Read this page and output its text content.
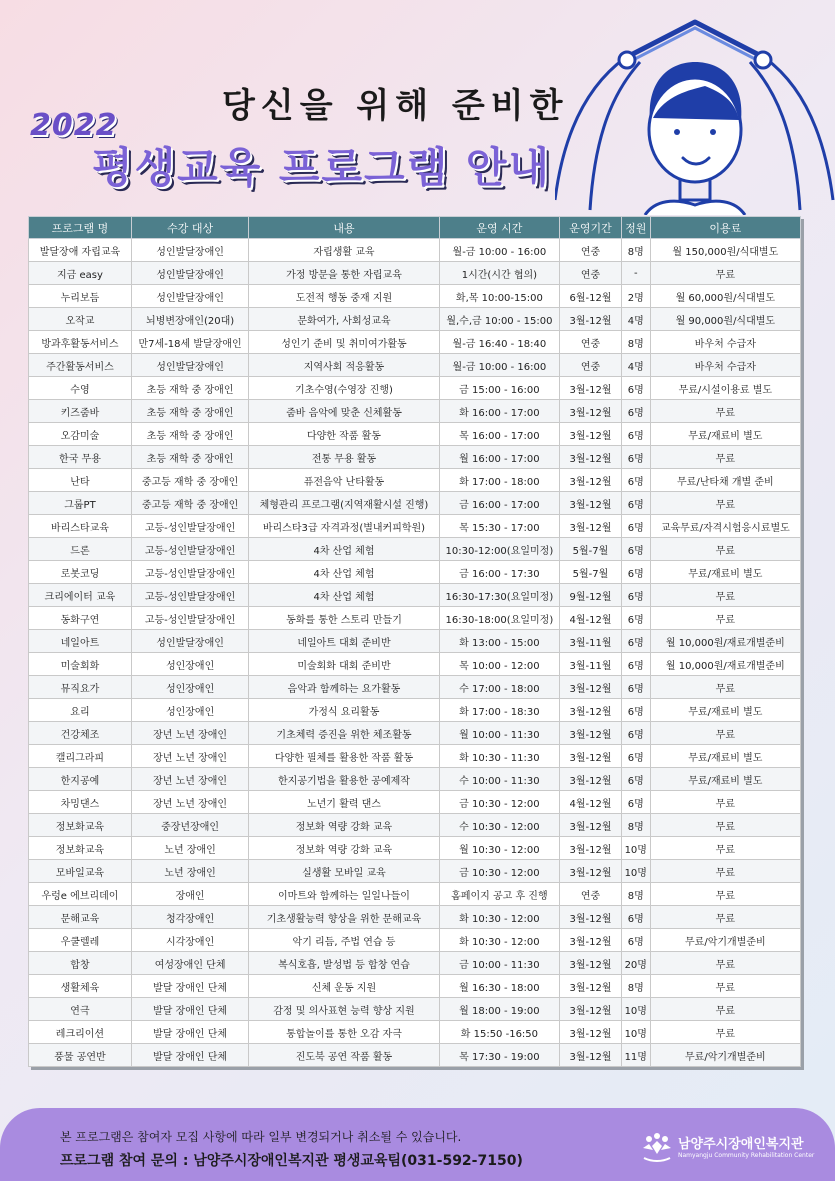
당신을 위해 준비한
2022
평생교육 프로그램 안내
프로그램 명	수강 대상	내용	운영 시간	운영기간	정원	이용료
발달장애 자립교육	성인발달장애인	자립생활 교육	월-금 10:00 - 16:00	연중	8명	월 150,000원/식대별도
지금 easy	성인발달장애인	가정 방문을 통한 자립교육	1시간(시간 협의)	연중	-	무료
누리보듬	성인발달장애인	도전적 행동 중재 지원	화,목 10:00-15:00	6월-12월	2명	월 60,000원/식대별도
오작교	뇌병변장애인(20대)	문화여가, 사회성교육	월,수,금 10:00 - 15:00	3월-12월	4명	월 90,000원/식대별도
방과후활동서비스	만7세-18세 발달장애인	성인기 준비 및 취미여가활동	월-금 16:40 - 18:40	연중	8명	바우처 수급자
주간활동서비스	성인발달장애인	지역사회 적응활동	월-금 10:00 - 16:00	연중	4명	바우처 수급자
수영	초등 재학 중 장애인	기초수영(수영장 진행)	금 15:00 - 16:00	3월-12월	6명	무료/시설이용료 별도
키즈줌바	초등 재학 중 장애인	줌바 음악에 맞춘 신체활동	화 16:00 - 17:00	3월-12월	6명	무료
오감미술	초등 재학 중 장애인	다양한 작품 활동	목 16:00 - 17:00	3월-12월	6명	무료/재료비 별도
한국 무용	초등 재학 중 장애인	전통 무용 활동	월 16:00 - 17:00	3월-12월	6명	무료
난타	중고등 재학 중 장애인	퓨전음악 난타활동	화 17:00 - 18:00	3월-12월	6명	무료/난타채 개별 준비
그룹PT	중고등 재학 중 장애인	체형관리 프로그램(지역재활시설 진행)	금 16:00 - 17:00	3월-12월	6명	무료
바리스타교육	고등-성인발달장애인	바리스타3급 자격과정(별내커피학원)	목 15:30 - 17:00	3월-12월	6명	교육무료/자격시험응시료별도
드론	고등-성인발달장애인	4차 산업 체험	10:30-12:00(요일미정)	5월-7월	6명	무료
로봇코딩	고등-성인발달장애인	4차 산업 체험	금 16:00 - 17:30	5월-7월	6명	무료/재료비 별도
크리에이터 교육	고등-성인발달장애인	4차 산업 체험	16:30-17:30(요일미정)	9월-12월	6명	무료
동화구연	고등-성인발달장애인	동화를 통한 스토리 만들기	16:30-18:00(요일미정)	4월-12월	6명	무료
네일아트	성인발달장애인	네일아트 대회 준비반	화 13:00 - 15:00	3월-11월	6명	월 10,000원/재료개별준비
미술회화	성인장애인	미술회화 대회 준비반	목 10:00 - 12:00	3월-11월	6명	월 10,000원/재료개별준비
뮤직요가	성인장애인	음악과 함께하는 요가활동	수 17:00 - 18:00	3월-12월	6명	무료
요리	성인장애인	가정식 요리활동	화 17:00 - 18:30	3월-12월	6명	무료/재료비 별도
건강체조	장년 노년 장애인	기초체력 증진을 위한 체조활동	월 10:00 - 11:30	3월-12월	6명	무료
캘리그라피	장년 노년 장애인	다양한 필체를 활용한 작품 활동	화 10:30 - 11:30	3월-12월	6명	무료/재료비 별도
한지공예	장년 노년 장애인	한지공기법을 활용한 공예제작	수 10:00 - 11:30	3월-12월	6명	무료/재료비 별도
차밍댄스	장년 노년 장애인	노년기 활력 댄스	금 10:30 - 12:00	4월-12월	6명	무료
정보화교육	중장년장애인	정보화 역량 강화 교육	수 10:30 - 12:00	3월-12월	8명	무료
정보화교육	노년 장애인	정보화 역량 강화 교육	월 10:30 - 12:00	3월-12월	10명	무료
모바일교육	노년 장애인	실생활 모바일 교육	금 10:30 - 12:00	3월-12월	10명	무료
우렁e 에브리데이	장애인	이마트와 함께하는 일일나들이	홈페이지 공고 후 진행	연중	8명	무료
문해교육	청각장애인	기초생활능력 향상을 위한 문해교육	화 10:30 - 12:00	3월-12월	6명	무료
우쿨렐레	시각장애인	악기 리듬, 주법 연습 등	화 10:30 - 12:00	3월-12월	6명	무료/악기개별준비
합창	여성장애인 단체	복식호흡, 발성법 등 합창 연습	금 10:00 - 11:30	3월-12월	20명	무료
생활체육	발달 장애인 단체	신체 운동 지원	월 16:30 - 18:00	3월-12월	8명	무료
연극	발달 장애인 단체	감정 및 의사표현 능력 향상 지원	월 18:00 - 19:00	3월-12월	10명	무료
레크리이션	발달 장애인 단체	통합놀이를 통한 오감 자극	화 15:50 -16:50	3월-12월	10명	무료
풍물 공연반	발달 장애인 단체	진도북 공연 작품 활동	목 17:30 - 19:00	3월-12월	11명	무료/악기개별준비
본 프로그램은 참여자 모집 사항에 따라 일부 변경되거나 취소될 수 있습니다.
프로그램 참여 문의 : 남양주시장애인복지관 평생교육팀(031-592-7150)
남양주시장애인복지관
Namyangju Community Rehabilitation Center
